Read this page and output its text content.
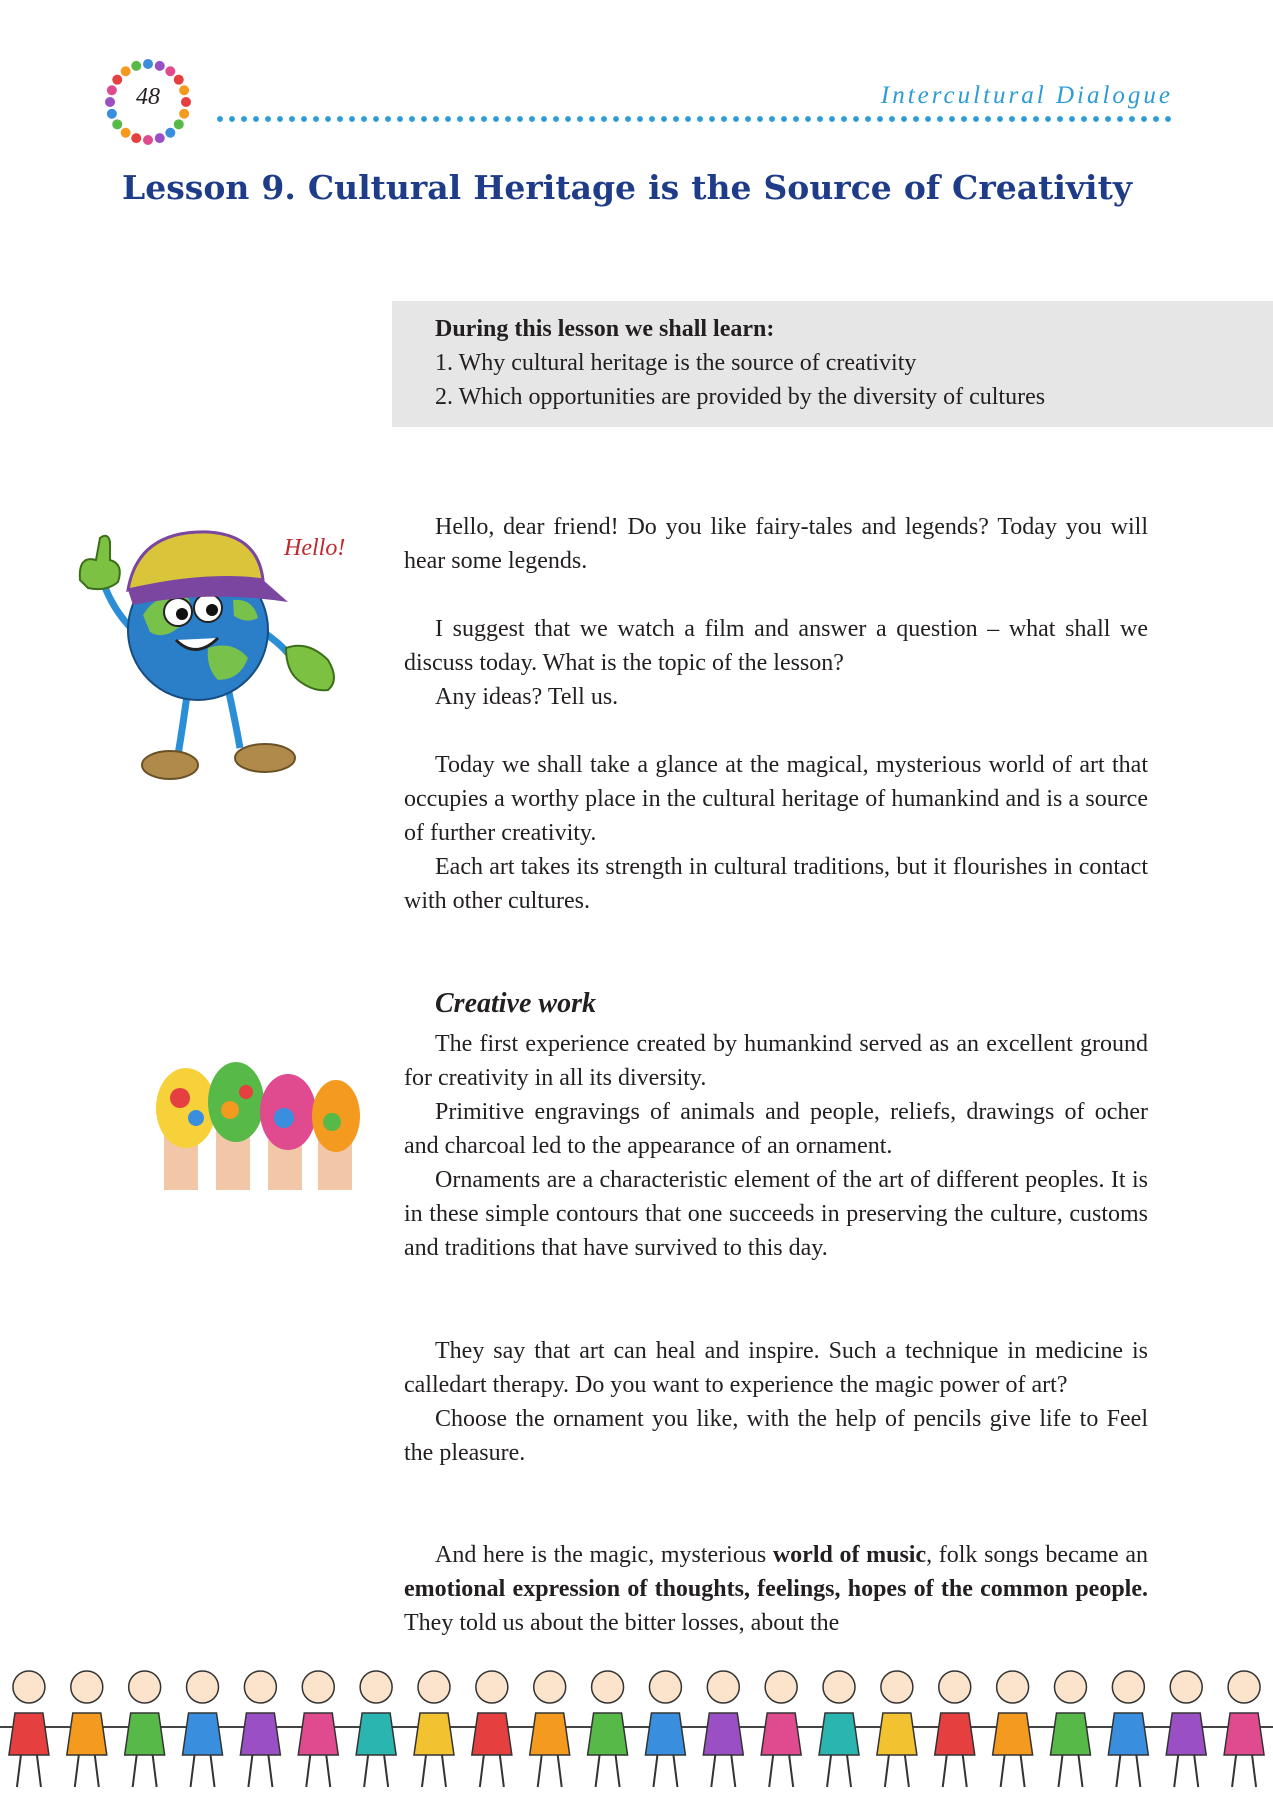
48	Intercultural Dialogue
Lesson 9. Cultural Heritage is the Source of Creativity
During this lesson we shall learn:
1. Why cultural heritage is the source of creativity
2. Which opportunities are provided by the diversity of cultures
Hello!

Hello, dear friend! Do you like fairy-tales and legends? Today you will hear some legends.

I suggest that we watch a film and answer a question – what shall we discuss today. What is the topic of the lesson?

Any ideas? Tell us.

Today we shall take a glance at the magical, mysterious world of art that occupies a worthy place in the cultural heritage of humankind and is a source of further creativity.

Each art takes its strength in cultural traditions, but it flourishes in contact with other cultures.

Creative work

The first experience created by humankind served as an excellent ground for creativity in all its diversity.

Primitive engravings of animals and people, reliefs, drawings of ocher and charcoal led to the appearance of an ornament.

Ornaments are a characteristic element of the art of different peoples. It is in these simple contours that one succeeds in preserving the culture, customs and traditions that have survived to this day.

They say that art can heal and inspire. Such a technique in medicine is calledart therapy. Do you want to experience the magic power of art?

Choose the ornament you like, with the help of pencils give life to Feel the pleasure.

And here is the magic, mysterious world of music, folk songs became an emotional expression of thoughts, feelings, hopes of the common people. They told us about the bitter losses, about the
